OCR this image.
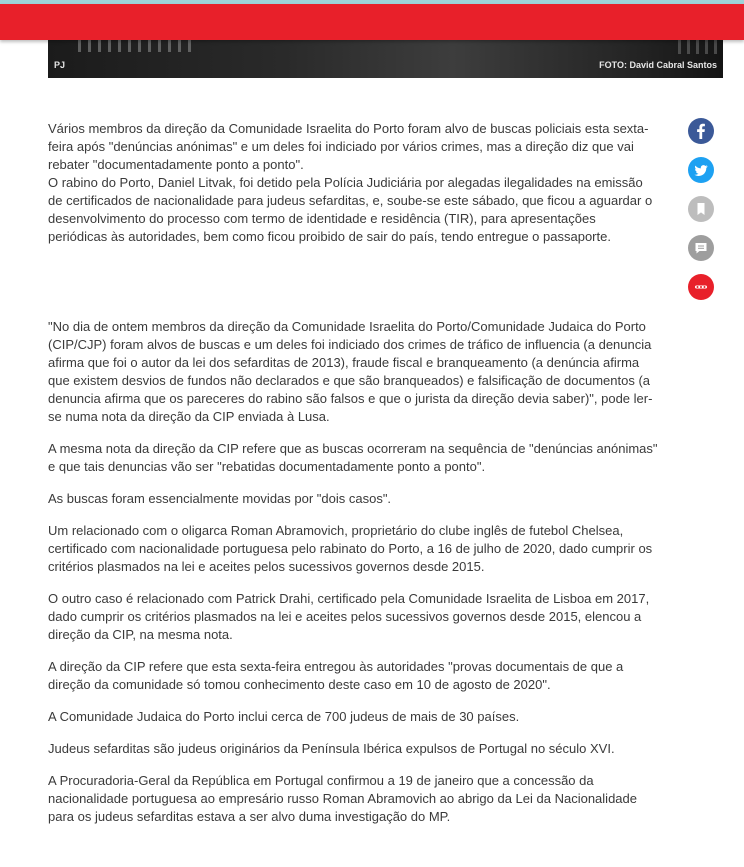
PJ	FOTO: David Cabral Santos

Vários membros da direção da Comunidade Israelita do Porto foram alvo de buscas policiais esta sexta-feira após "denúncias anónimas" e um deles foi indiciado por vários crimes, mas a direção diz que vai rebater "documentadamente ponto a ponto".

O rabino do Porto, Daniel Litvak, foi detido pela Polícia Judiciária por alegadas ilegalidades na emissão de certificados de nacionalidade para judeus sefarditas, e, soube-se este sábado, que ficou a aguardar o desenvolvimento do processo com termo de identidade e residência (TIR), para apresentações periódicas às autoridades, bem como ficou proibido de sair do país, tendo entregue o passaporte.

"No dia de ontem membros da direção da Comunidade Israelita do Porto/Comunidade Judaica do Porto (CIP/CJP) foram alvos de buscas e um deles foi indiciado dos crimes de tráfico de influencia (a denuncia afirma que foi o autor da lei dos sefarditas de 2013), fraude fiscal e branqueamento (a denúncia afirma que existem desvios de fundos não declarados e que são branqueados) e falsificação de documentos (a denuncia afirma que os pareceres do rabino são falsos e que o jurista da direção devia saber)", pode ler-se numa nota da direção da CIP enviada à Lusa.

A mesma nota da direção da CIP refere que as buscas ocorreram na sequência de "denúncias anónimas" e que tais denuncias vão ser "rebatidas documentadamente ponto a ponto".

As buscas foram essencialmente movidas por "dois casos".

Um relacionado com o oligarca Roman Abramovich, proprietário do clube inglês de futebol Chelsea, certificado com nacionalidade portuguesa pelo rabinato do Porto, a 16 de julho de 2020, dado cumprir os critérios plasmados na lei e aceites pelos sucessivos governos desde 2015.

O outro caso é relacionado com Patrick Drahi, certificado pela Comunidade Israelita de Lisboa em 2017, dado cumprir os critérios plasmados na lei e aceites pelos sucessivos governos desde 2015, elencou a direção da CIP, na mesma nota.

A direção da CIP refere que esta sexta-feira entregou às autoridades "provas documentais de que a direção da comunidade só tomou conhecimento deste caso em 10 de agosto de 2020".

A Comunidade Judaica do Porto inclui cerca de 700 judeus de mais de 30 países.

Judeus sefarditas são judeus originários da Península Ibérica expulsos de Portugal no século XVI.

A Procuradoria-Geral da República em Portugal confirmou a 19 de janeiro que a concessão da nacionalidade portuguesa ao empresário russo Roman Abramovich ao abrigo da Lei da Nacionalidade para os judeus sefarditas estava a ser alvo duma investigação do MP.
